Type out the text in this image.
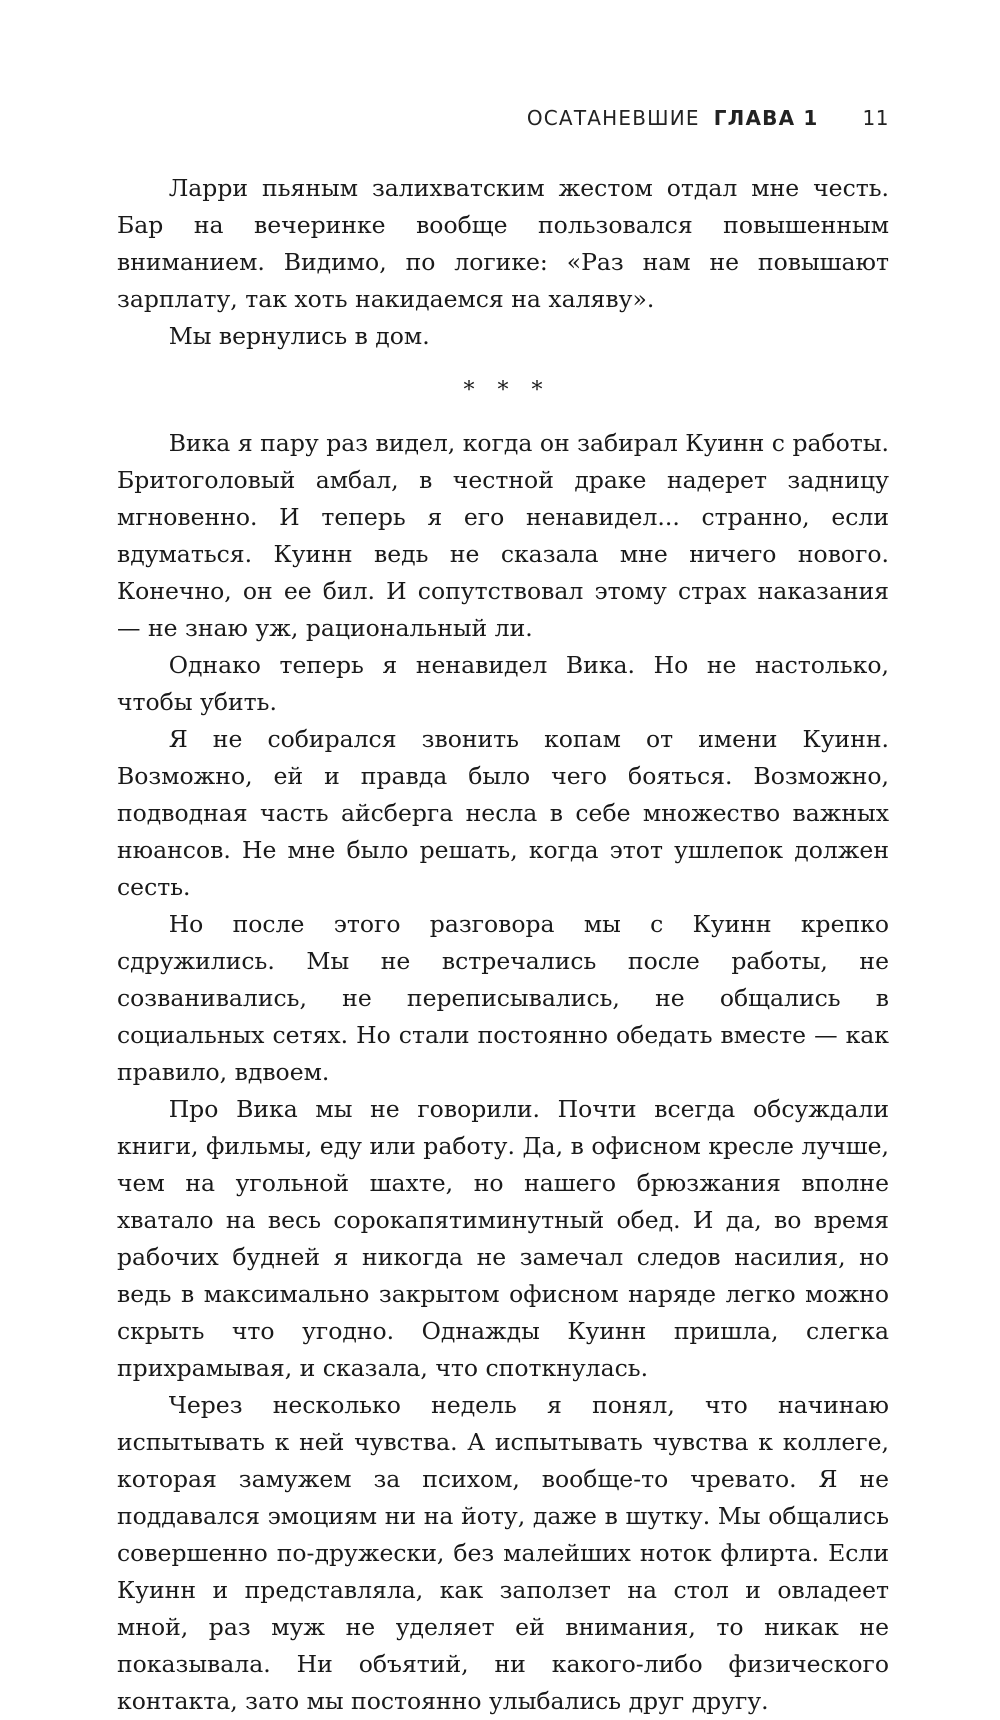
ОСАТАНЕВШИЕ ГЛАВА 1 11

Ларри пьяным залихватским жестом отдал мне честь. Бар на вечеринке вообще пользовался повышенным вниманием. Видимо, по логике: «Раз нам не повышают зарплату, так хоть накидаемся на халяву».

Мы вернулись в дом.

* * *

Вика я пару раз видел, когда он забирал Куинн с работы. Бритоголовый амбал, в честной драке надерет задницу мгновенно. И теперь я его ненавидел... странно, если вдуматься. Куинн ведь не сказала мне ничего нового. Конечно, он ее бил. И сопутствовал этому страх наказания — не знаю уж, рациональный ли.

Однако теперь я ненавидел Вика. Но не настолько, чтобы убить.

Я не собирался звонить копам от имени Куинн. Возможно, ей и правда было чего бояться. Возможно, подводная часть айсберга несла в себе множество важных нюансов. Не мне было решать, когда этот ушлепок должен сесть.

Но после этого разговора мы с Куинн крепко сдружились. Мы не встречались после работы, не созванивались, не переписывались, не общались в социальных сетях. Но стали постоянно обедать вместе — как правило, вдвоем.

Про Вика мы не говорили. Почти всегда обсуждали книги, фильмы, еду или работу. Да, в офисном кресле лучше, чем на угольной шахте, но нашего брюзжания вполне хватало на весь сорокапятиминутный обед. И да, во время рабочих будней я никогда не замечал следов насилия, но ведь в максимально закрытом офисном наряде легко можно скрыть что угодно. Однажды Куинн пришла, слегка прихрамывая, и сказала, что споткнулась.

Через несколько недель я понял, что начинаю испытывать к ней чувства. А испытывать чувства к коллеге, которая замужем за психом, вообще-то чревато. Я не поддавался эмоциям ни на йоту, даже в шутку. Мы общались совершенно по-дружески, без малейших ноток флирта. Если Куинн и представляла, как заползет на стол и овладеет мной, раз муж не уделяет ей внимания, то никак не показывала. Ни объятий, ни какого-либо физического контакта, зато мы постоянно улыбались друг другу.
